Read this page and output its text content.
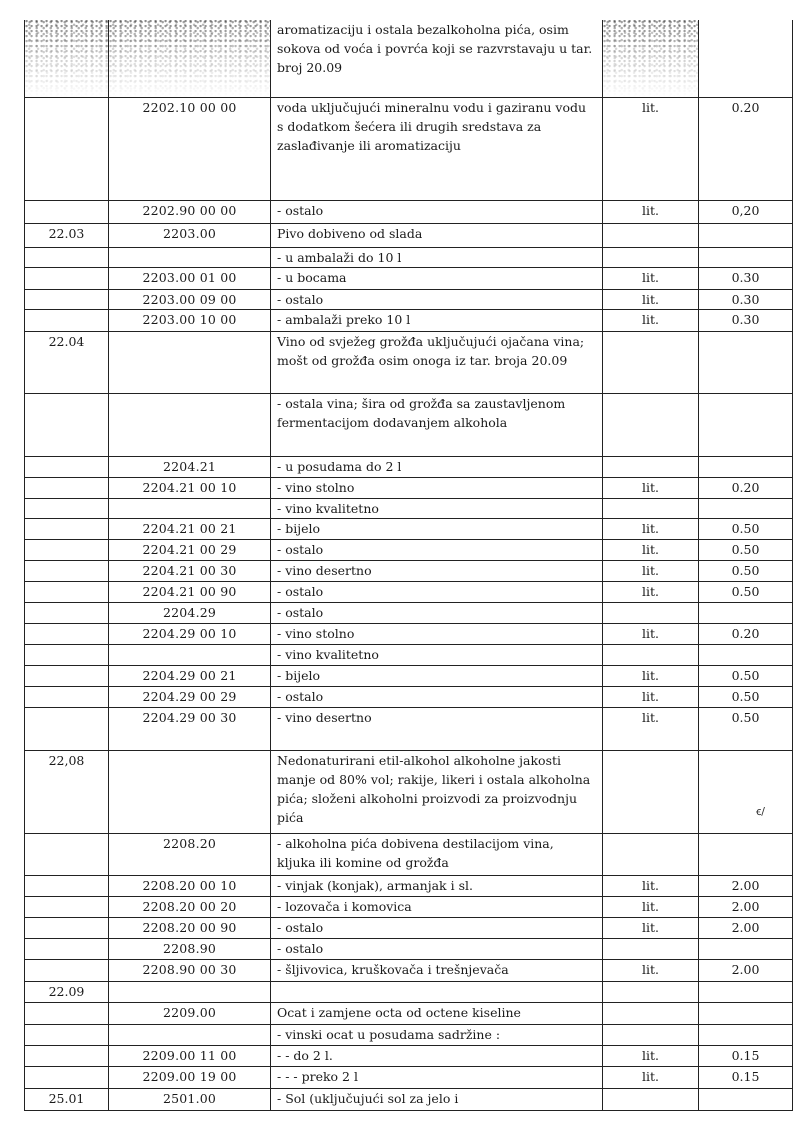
		aromatizaciju i ostala bezalkoholna pića, osim sokova od voća i povrća koji se razvrstavaju u tar. broj 20.09		
	2202.10 00 00	voda uključujući mineralnu vodu i gaziranu vodu s dodatkom šećera ili drugih sredstava za zaslađivanje ili aromatizaciju	lit.	0.20
	2202.90 00 00	- ostalo	lit.	0,20
22.03	2203.00	Pivo dobiveno od slada		
		- u ambalaži do 10 l		
	2203.00 01 00	- u bocama	lit.	0.30
	2203.00 09 00	- ostalo	lit.	0.30
	2203.00 10 00	- ambalaži preko 10 l	lit.	0.30
22.04		Vino od svježeg grožđa uključujući ojačana vina; mošt od grožđa osim onoga iz tar. broja 20.09		
		- ostala vina; šira od grožđa sa zaustavljenom fermentacijom dodavanjem alkohola		
	2204.21	- u posudama do 2 l		
	2204.21 00 10	- vino stolno	lit.	0.20
		- vino kvalitetno		
	2204.21 00 21	- bijelo	lit.	0.50
	2204.21 00 29	- ostalo	lit.	0.50
	2204.21 00 30	- vino desertno	lit.	0.50
	2204.21 00 90	- ostalo	lit.	0.50
	2204.29	- ostalo		
	2204.29 00 10	- vino stolno	lit.	0.20
		- vino kvalitetno		
	2204.29 00 21	- bijelo	lit.	0.50
	2204.29 00 29	- ostalo	lit.	0.50
	2204.29 00 30	- vino desertno	lit.	0.50
22,08		Nedonaturirani etil-alkohol alkoholne jakosti manje od 80% vol; rakije, likeri i ostala alkoholna pića; složeni alkoholni proizvodi za proizvodnju pića		
	2208.20	- alkoholna pića dobivena destilacijom vina, kljuka ili komine od grožđa		
	2208.20 00 10	- vinjak (konjak), armanjak i sl.	lit.	2.00
	2208.20 00 20	- lozovača i komovica	lit.	2.00
	2208.20 00 90	- ostalo	lit.	2.00
	2208.90	- ostalo		
	2208.90 00 30	- šljivovica, kruškovača i trešnjevača	lit.	2.00
22.09				
	2209.00	Ocat i zamjene octa od octene kiseline		
		- vinski ocat u posudama sadržine :		
	2209.00 11 00	- - do 2 l.	lit.	0.15
	2209.00 19 00	- - - preko 2 l	lit.	0.15
25.01	2501.00	- Sol (uključujući sol za jelo i		
ꞓ/
